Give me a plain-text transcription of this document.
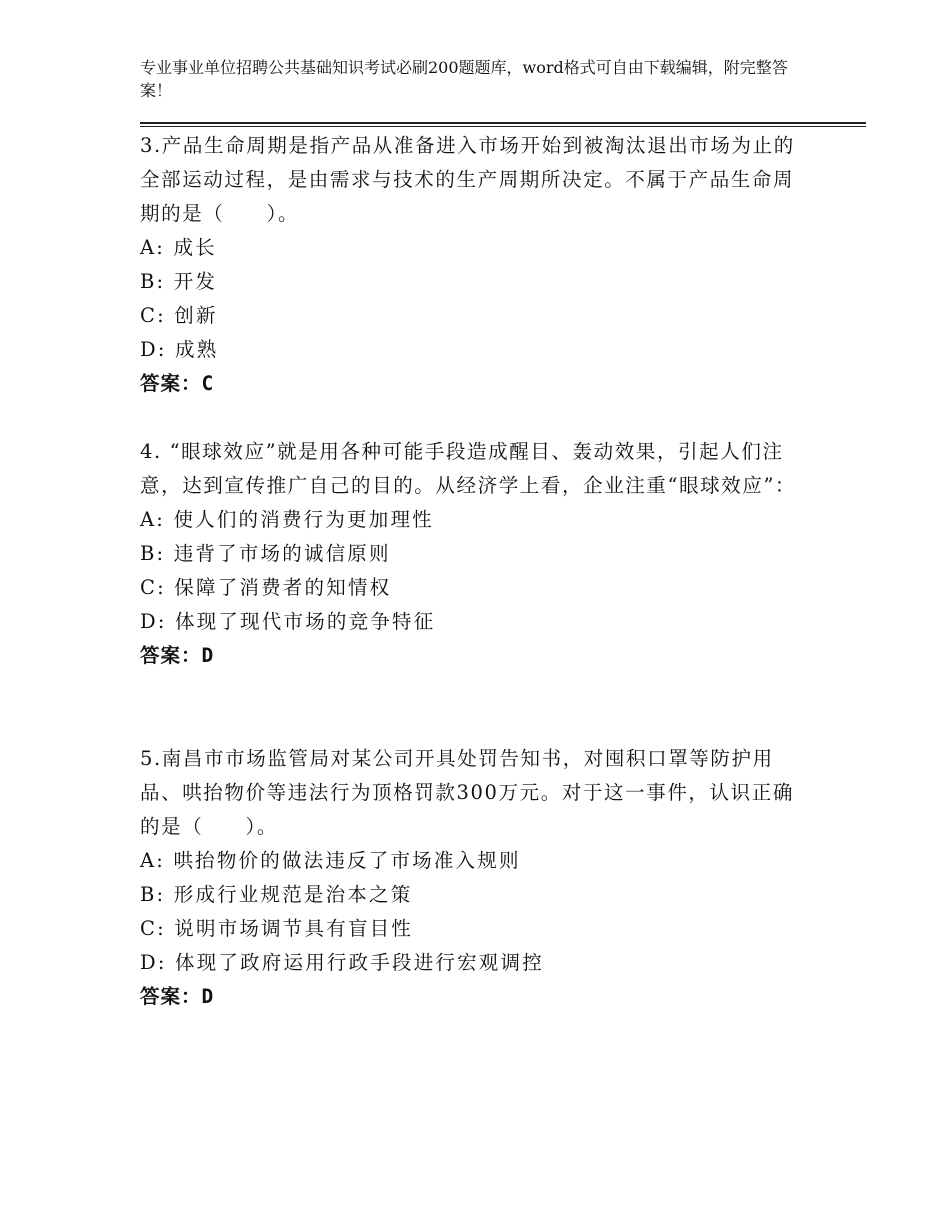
专业事业单位招聘公共基础知识考试必刷200题题库，word格式可自由下载编辑，附完整答案！

3.产品生命周期是指产品从准备进入市场开始到被淘汰退出市场为止的全部运动过程，是由需求与技术的生产周期所决定。不属于产品生命周期的是（　　）。

A: 成长
B: 开发
C: 创新
D: 成熟
答案：C

4. “眼球效应”就是用各种可能手段造成醒目、轰动效果，引起人们注意，达到宣传推广自己的目的。从经济学上看，企业注重“眼球效应”：

A: 使人们的消费行为更加理性
B: 违背了市场的诚信原则
C: 保障了消费者的知情权
D: 体现了现代市场的竞争特征
答案：D

5.南昌市市场监管局对某公司开具处罚告知书，对囤积口罩等防护用品、哄抬物价等违法行为顶格罚款300万元。对于这一事件，认识正确的是（　　）。

A: 哄抬物价的做法违反了市场准入规则
B: 形成行业规范是治本之策
C: 说明市场调节具有盲目性
D: 体现了政府运用行政手段进行宏观调控
答案：D
